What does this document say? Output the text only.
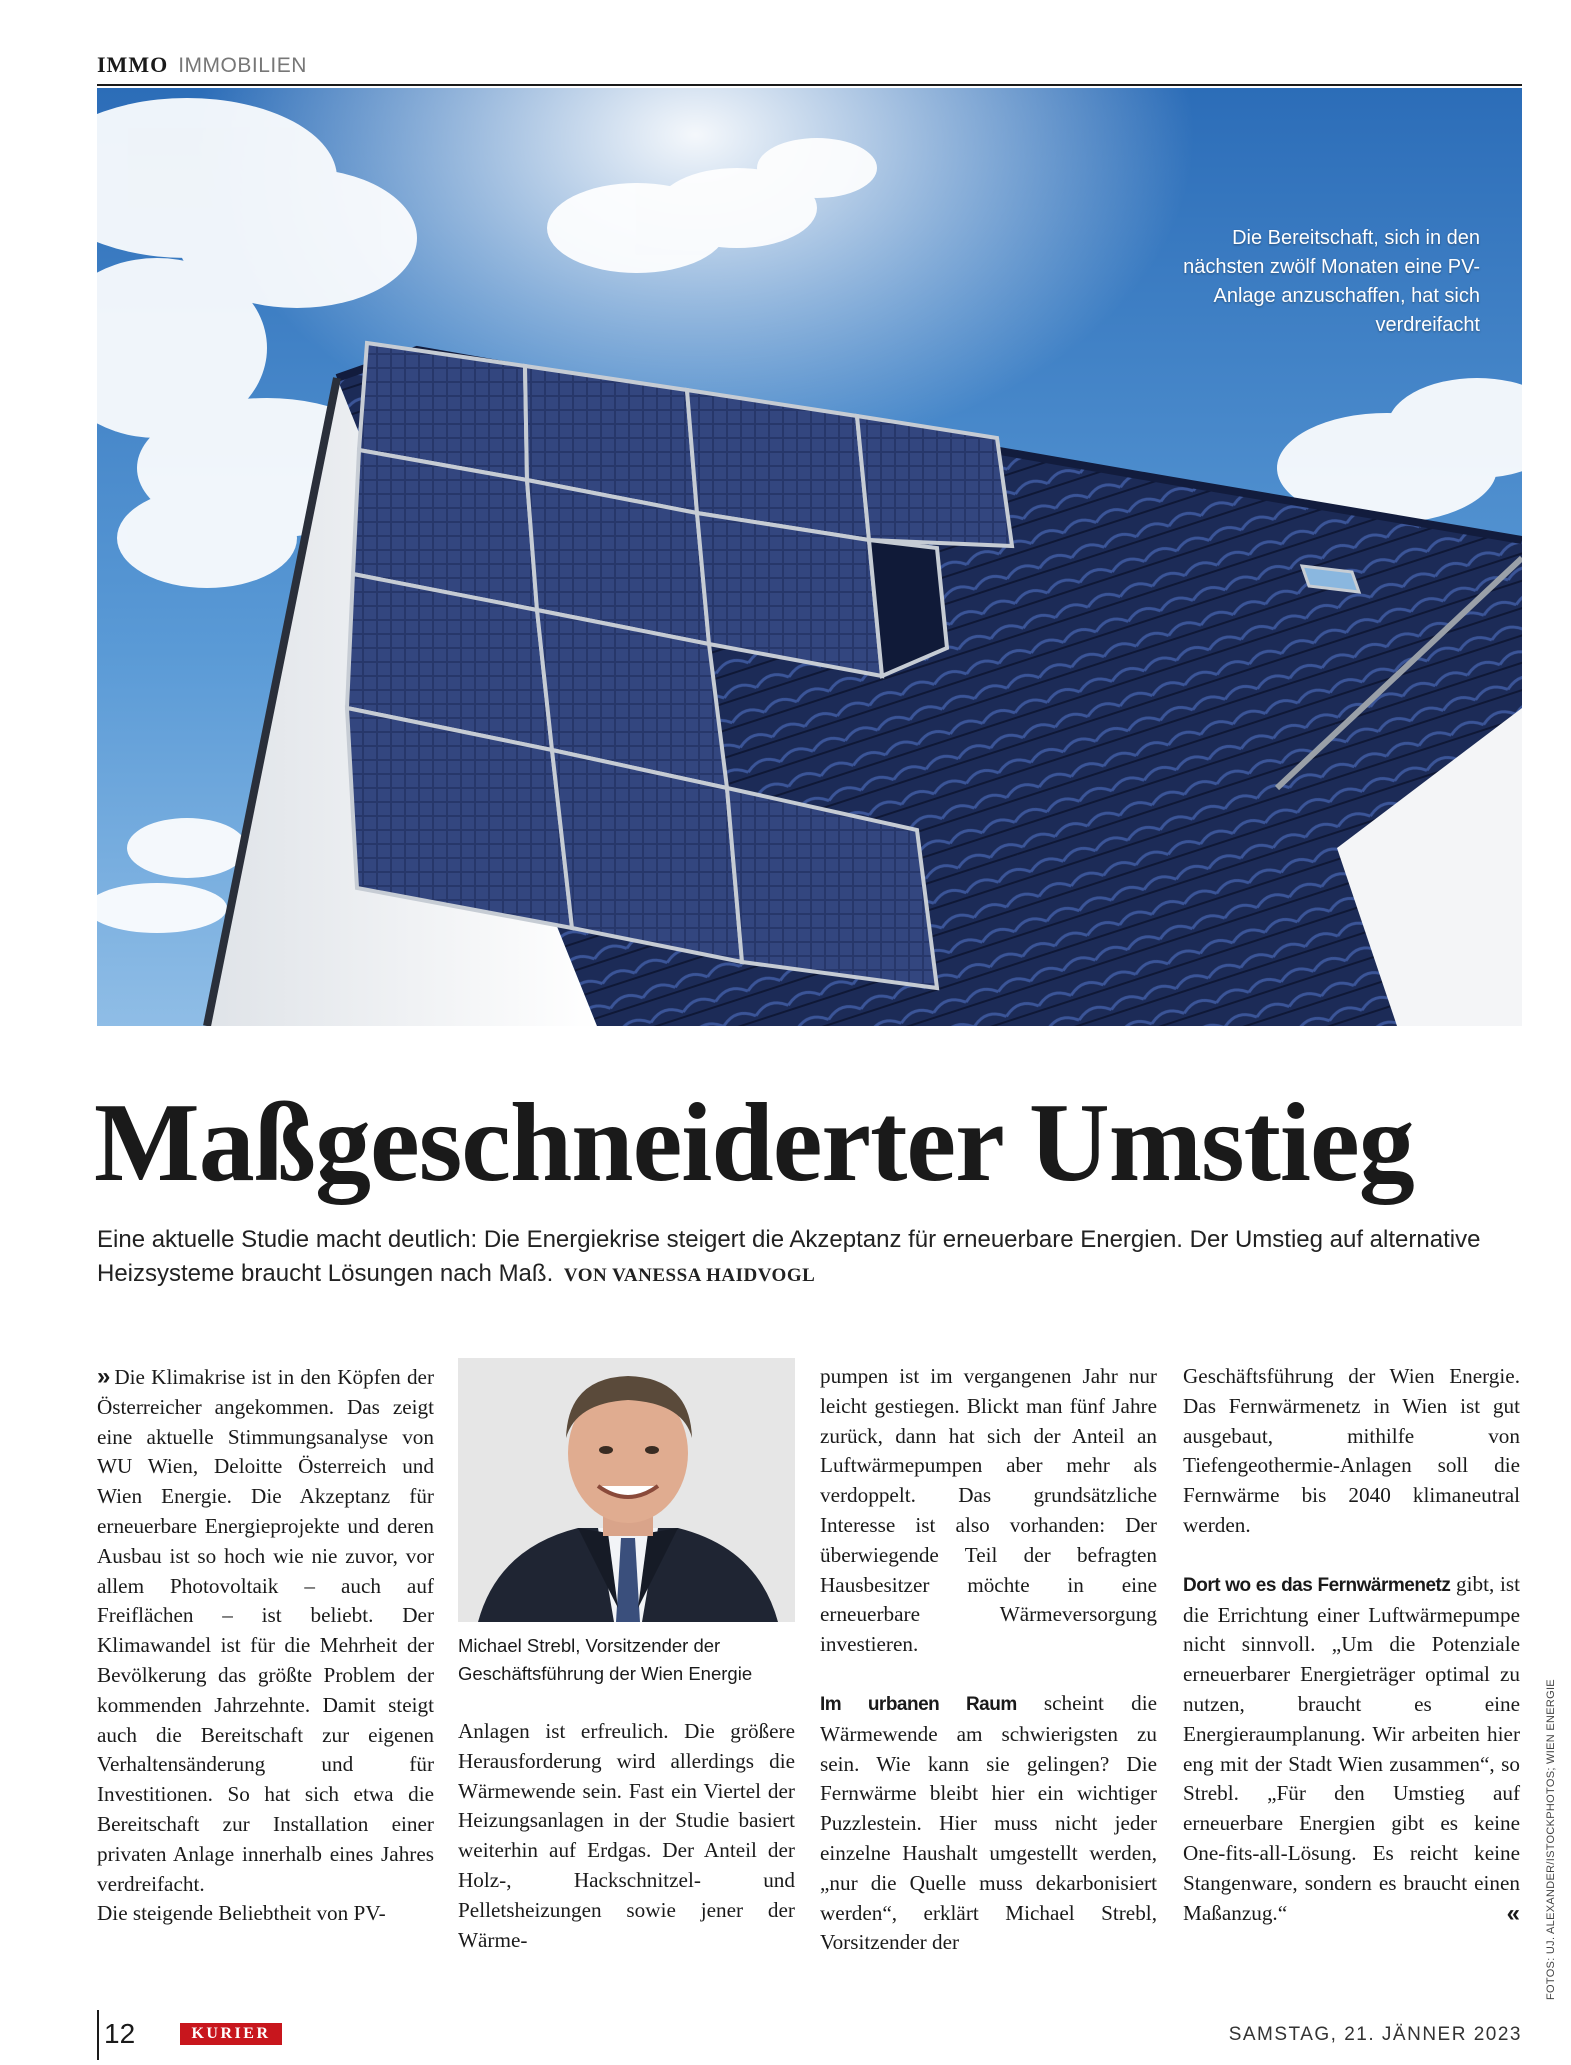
IMMO IMMOBILIEN
Die Bereitschaft, sich in den nächsten zwölf Monaten eine PV-Anlage anzuschaffen, hat sich verdreifacht
Maßgeschneiderter Umstieg
Eine aktuelle Studie macht deutlich: Die Energiekrise steigert die Akzeptanz für erneuerbare Energien. Der Umstieg auf alternative Heizsysteme braucht Lösungen nach Maß. VON VANESSA HAIDVOGL

» Die Klimakrise ist in den Köpfen der Österreicher angekommen. Das zeigt eine aktuelle Stimmungsanalyse von WU Wien, Deloitte Österreich und Wien Energie. Die Akzeptanz für erneuerbare Energieprojekte und deren Ausbau ist so hoch wie nie zuvor, vor allem Photovoltaik – auch auf Freiflächen – ist beliebt. Der Klimawandel ist für die Mehrheit der Bevölkerung das größte Problem der kommenden Jahrzehnte. Damit steigt auch die Bereitschaft zur eigenen Verhaltensänderung und für Investitionen. So hat sich etwa die Bereitschaft zur Installation einer privaten Anlage innerhalb eines Jahres verdreifacht.

Die steigende Beliebtheit von PV-

Michael Strebl, Vorsitzender der Geschäftsführung der Wien Energie

Anlagen ist erfreulich. Die größere Herausforderung wird allerdings die Wärmewende sein. Fast ein Viertel der Heizungsanlagen in der Studie basiert weiterhin auf Erdgas. Der Anteil der Holz-, Hackschnitzel- und Pelletsheizungen sowie jener der Wärme-

pumpen ist im vergangenen Jahr nur leicht gestiegen. Blickt man fünf Jahre zurück, dann hat sich der Anteil an Luftwärmepumpen aber mehr als verdoppelt. Das grundsätzliche Interesse ist also vorhanden: Der überwiegende Teil der befragten Hausbesitzer möchte in eine erneuerbare Wärmeversorgung investieren.

Im urbanen Raum scheint die Wärmewende am schwierigsten zu sein. Wie kann sie gelingen? Die Fernwärme bleibt hier ein wichtiger Puzzlestein. Hier muss nicht jeder einzelne Haushalt umgestellt werden, „nur die Quelle muss dekarbonisiert werden“, erklärt Michael Strebl, Vorsitzender der

Geschäftsführung der Wien Energie. Das Fernwärmenetz in Wien ist gut ausgebaut, mithilfe von Tiefengeothermie-Anlagen soll die Fernwärme bis 2040 klimaneutral werden.

Dort wo es das Fernwärmenetz gibt, ist die Errichtung einer Luftwärmepumpe nicht sinnvoll. „Um die Potenziale erneuerbarer Energieträger optimal zu nutzen, braucht es eine Energieraumplanung. Wir arbeiten hier eng mit der Stadt Wien zusammen“, so Strebl. „Für den Umstieg auf erneuerbare Energien gibt es keine One-fits-all-Lösung. Es reicht keine Stangenware, sondern es braucht einen Maßanzug.“	« FOTOS: UJ. ALEXANDER/ISTOCKPHOTOS; WIEN ENERGIE
12	KURIER	SAMSTAG, 21. JÄNNER 2023
